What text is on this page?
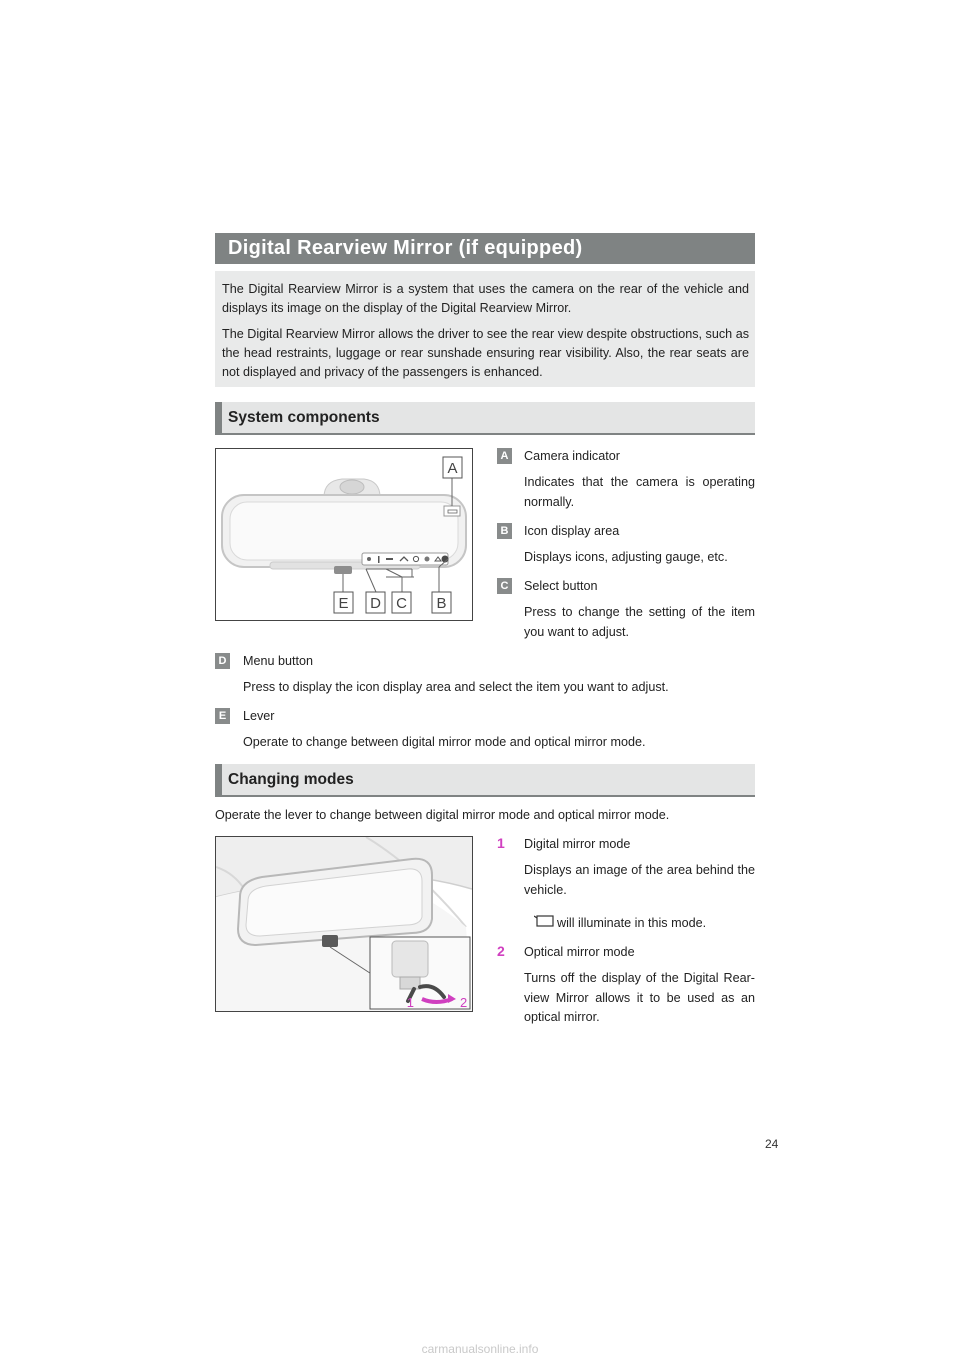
Digital Rearview Mirror (if equipped)

The Digital Rearview Mirror is a system that uses the camera on the rear of the vehicle and displays its image on the display of the Digital Rearview Mirror.

The Digital Rearview Mirror allows the driver to see the rear view despite obstructions, such as the head restraints, luggage or rear sunshade ensuring rear visibility. Also, the rear seats are not displayed and privacy of the passengers is enhanced.

System components
A
E D C B
A Camera indicator
Indicates that the camera is operating normally.
B Icon display area
Displays icons, adjusting gauge, etc.
C Select button
Press to change the setting of the item you want to adjust.
D Menu button
Press to display the icon display area and select the item you want to adjust.
E	Lever
Operate to change between digital mirror mode and optical mirror mode.
Changing modes
Operate the lever to change between digital mirror mode and optical mirror mode.
1	2
1 Digital mirror mode
Displays an image of the area behind the vehicle.
will illuminate in this mode.
2 Optical mirror mode
Turns off the display of the Digital Rear-view Mirror allows it to be used as an optical mirror.
24
carmanualsonline.info
